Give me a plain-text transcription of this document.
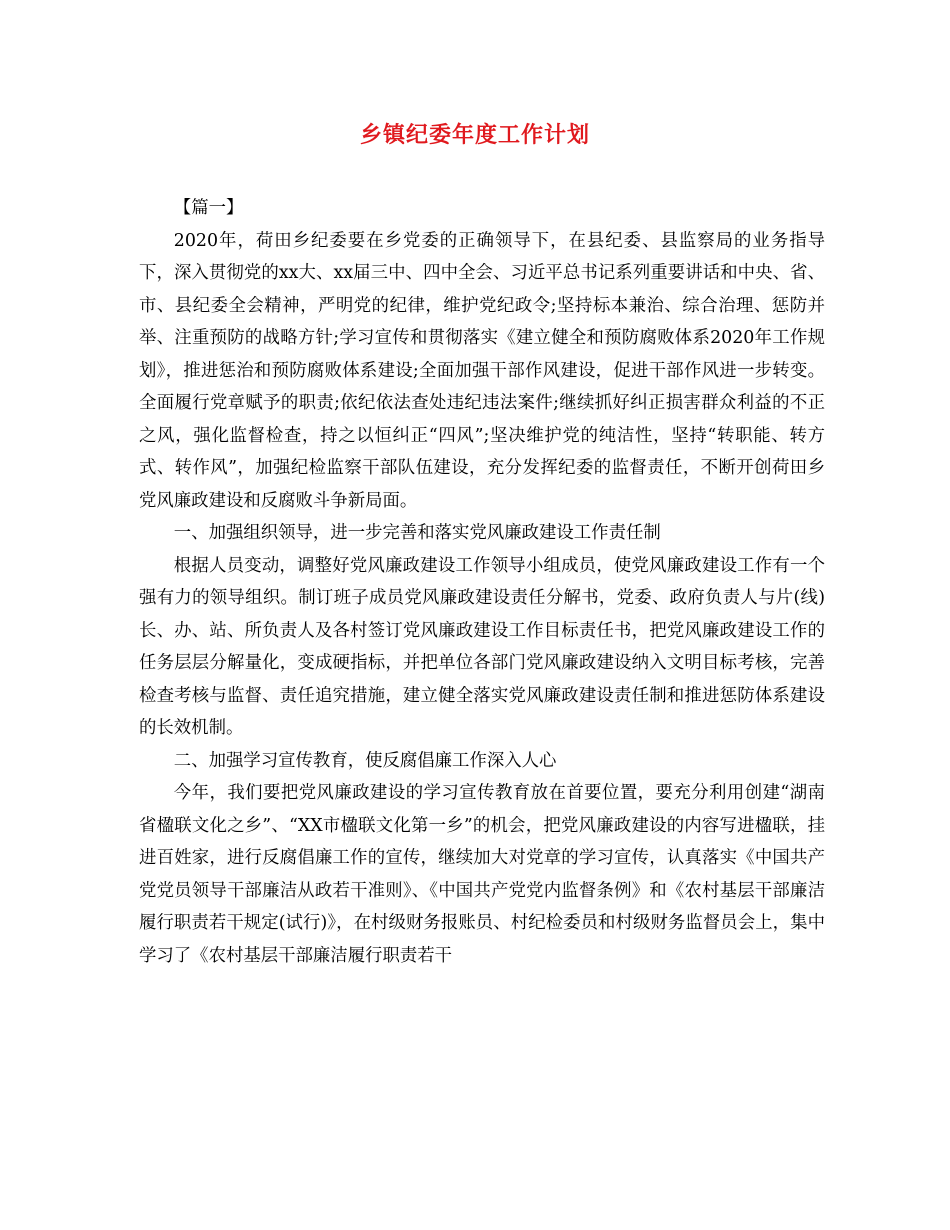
乡镇纪委年度工作计划

【篇一】

2020年，荷田乡纪委要在乡党委的正确领导下，在县纪委、县监察局的业务指导下，深入贯彻党的xx大、xx届三中、四中全会、习近平总书记系列重要讲话和中央、省、市、县纪委全会精神，严明党的纪律，维护党纪政令;坚持标本兼治、综合治理、惩防并举、注重预防的战略方针;学习宣传和贯彻落实《建立健全和预防腐败体系2020年工作规划》，推进惩治和预防腐败体系建设;全面加强干部作风建设，促进干部作风进一步转变。全面履行党章赋予的职责;依纪依法查处违纪违法案件;继续抓好纠正损害群众利益的不正之风，强化监督检查，持之以恒纠正“四风”;坚决维护党的纯洁性，坚持“转职能、转方式、转作风”，加强纪检监察干部队伍建设，充分发挥纪委的监督责任，不断开创荷田乡党风廉政建设和反腐败斗争新局面。

一、加强组织领导，进一步完善和落实党风廉政建设工作责任制

根据人员变动，调整好党风廉政建设工作领导小组成员，使党风廉政建设工作有一个强有力的领导组织。制订班子成员党风廉政建设责任分解书，党委、政府负责人与片(线)长、办、站、所负责人及各村签订党风廉政建设工作目标责任书，把党风廉政建设工作的任务层层分解量化，变成硬指标，并把单位各部门党风廉政建设纳入文明目标考核，完善检查考核与监督、责任追究措施，建立健全落实党风廉政建设责任制和推进惩防体系建设的长效机制。

二、加强学习宣传教育，使反腐倡廉工作深入人心

今年，我们要把党风廉政建设的学习宣传教育放在首要位置，要充分利用创建“湖南省楹联文化之乡”、“XX市楹联文化第一乡”的机会，把党风廉政建设的内容写进楹联，挂进百姓家，进行反腐倡廉工作的宣传，继续加大对党章的学习宣传，认真落实《中国共产党党员领导干部廉洁从政若干准则》、《中国共产党党内监督条例》和《农村基层干部廉洁履行职责若干规定(试行)》，在村级财务报账员、村纪检委员和村级财务监督员会上，集中学习了《农村基层干部廉洁履行职责若干
